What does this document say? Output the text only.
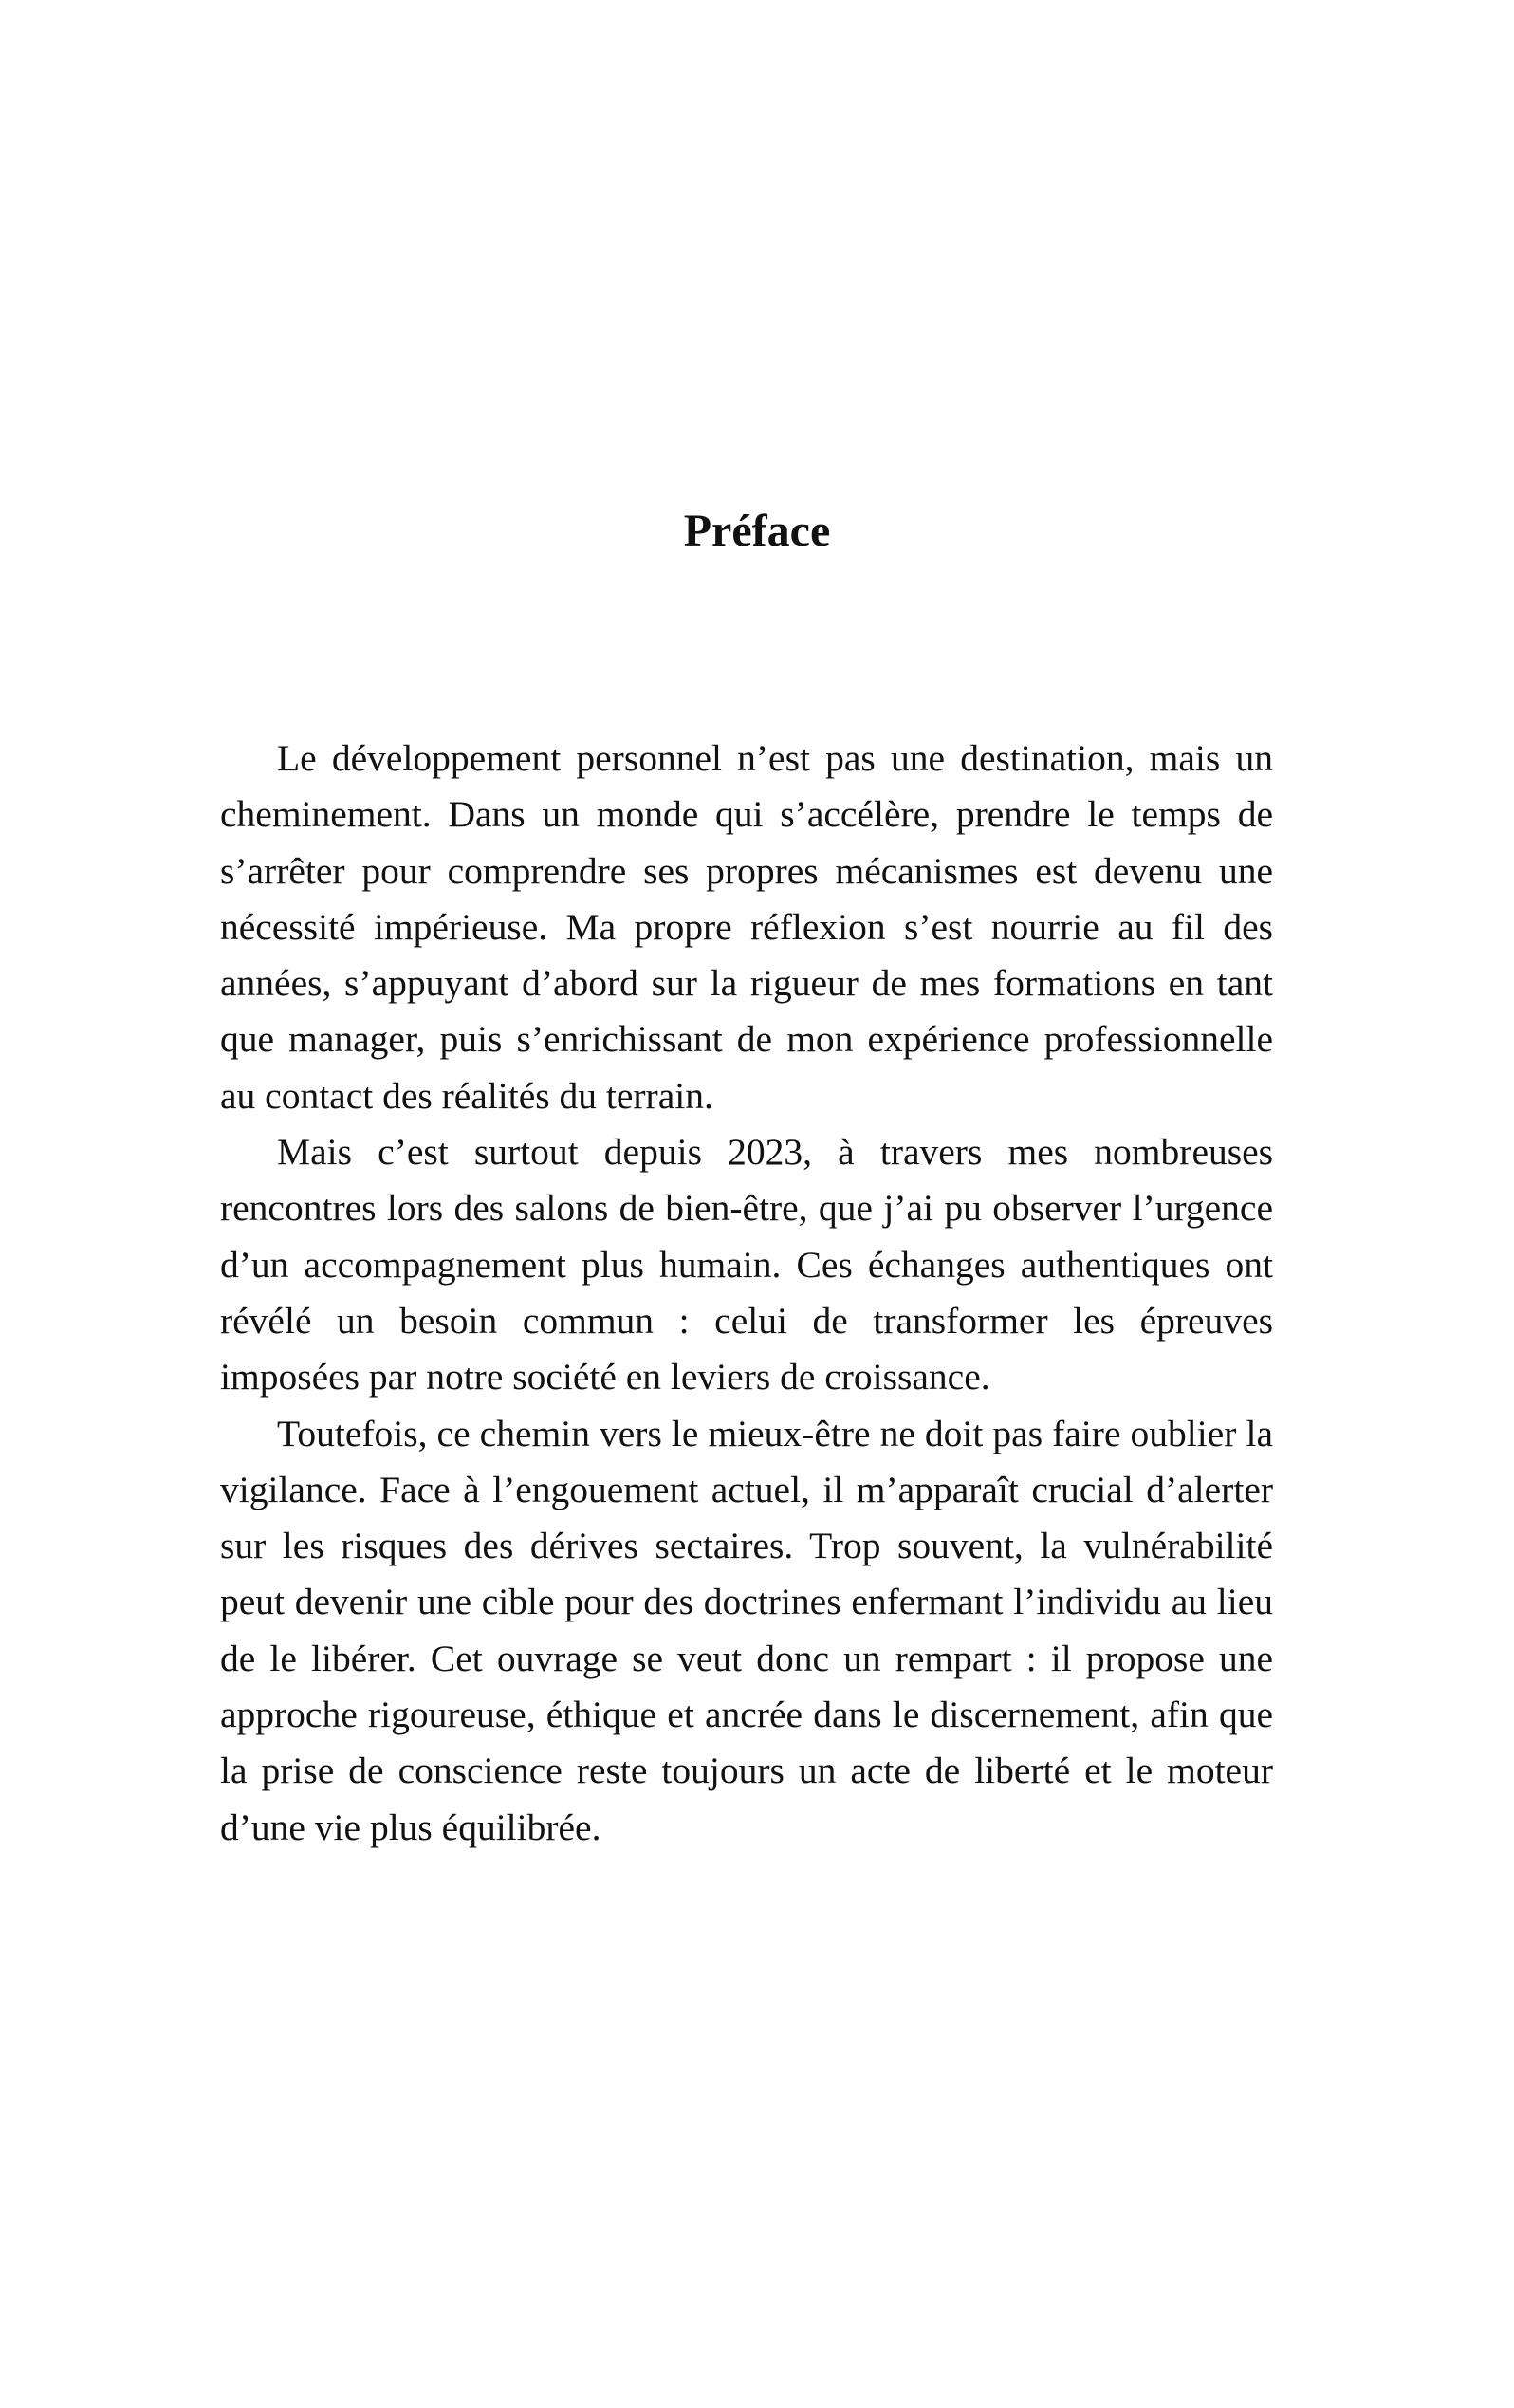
Préface

Le développement personnel n’est pas une destination, mais un cheminement. Dans un monde qui s’accélère, prendre le temps de s’arrêter pour comprendre ses propres mécanismes est devenu une nécessité impérieuse. Ma propre réflexion s’est nourrie au fil des années, s’appuyant d’abord sur la rigueur de mes formations en tant que manager, puis s’enrichissant de mon expérience professionnelle au contact des réalités du terrain.

Mais c’est surtout depuis 2023, à travers mes nombreuses rencontres lors des salons de bien-être, que j’ai pu observer l’urgence d’un accompagnement plus humain. Ces échanges authentiques ont révélé un besoin commun : celui de transformer les épreuves imposées par notre société en leviers de croissance.

Toutefois, ce chemin vers le mieux-être ne doit pas faire oublier la vigilance. Face à l’engouement actuel, il m’apparaît crucial d’alerter sur les risques des dérives sectaires. Trop souvent, la vulnérabilité peut devenir une cible pour des doctrines enfermant l’individu au lieu de le libérer. Cet ouvrage se veut donc un rempart : il propose une approche rigoureuse, éthique et ancrée dans le discernement, afin que la prise de conscience reste toujours un acte de liberté et le moteur d’une vie plus équilibrée.
